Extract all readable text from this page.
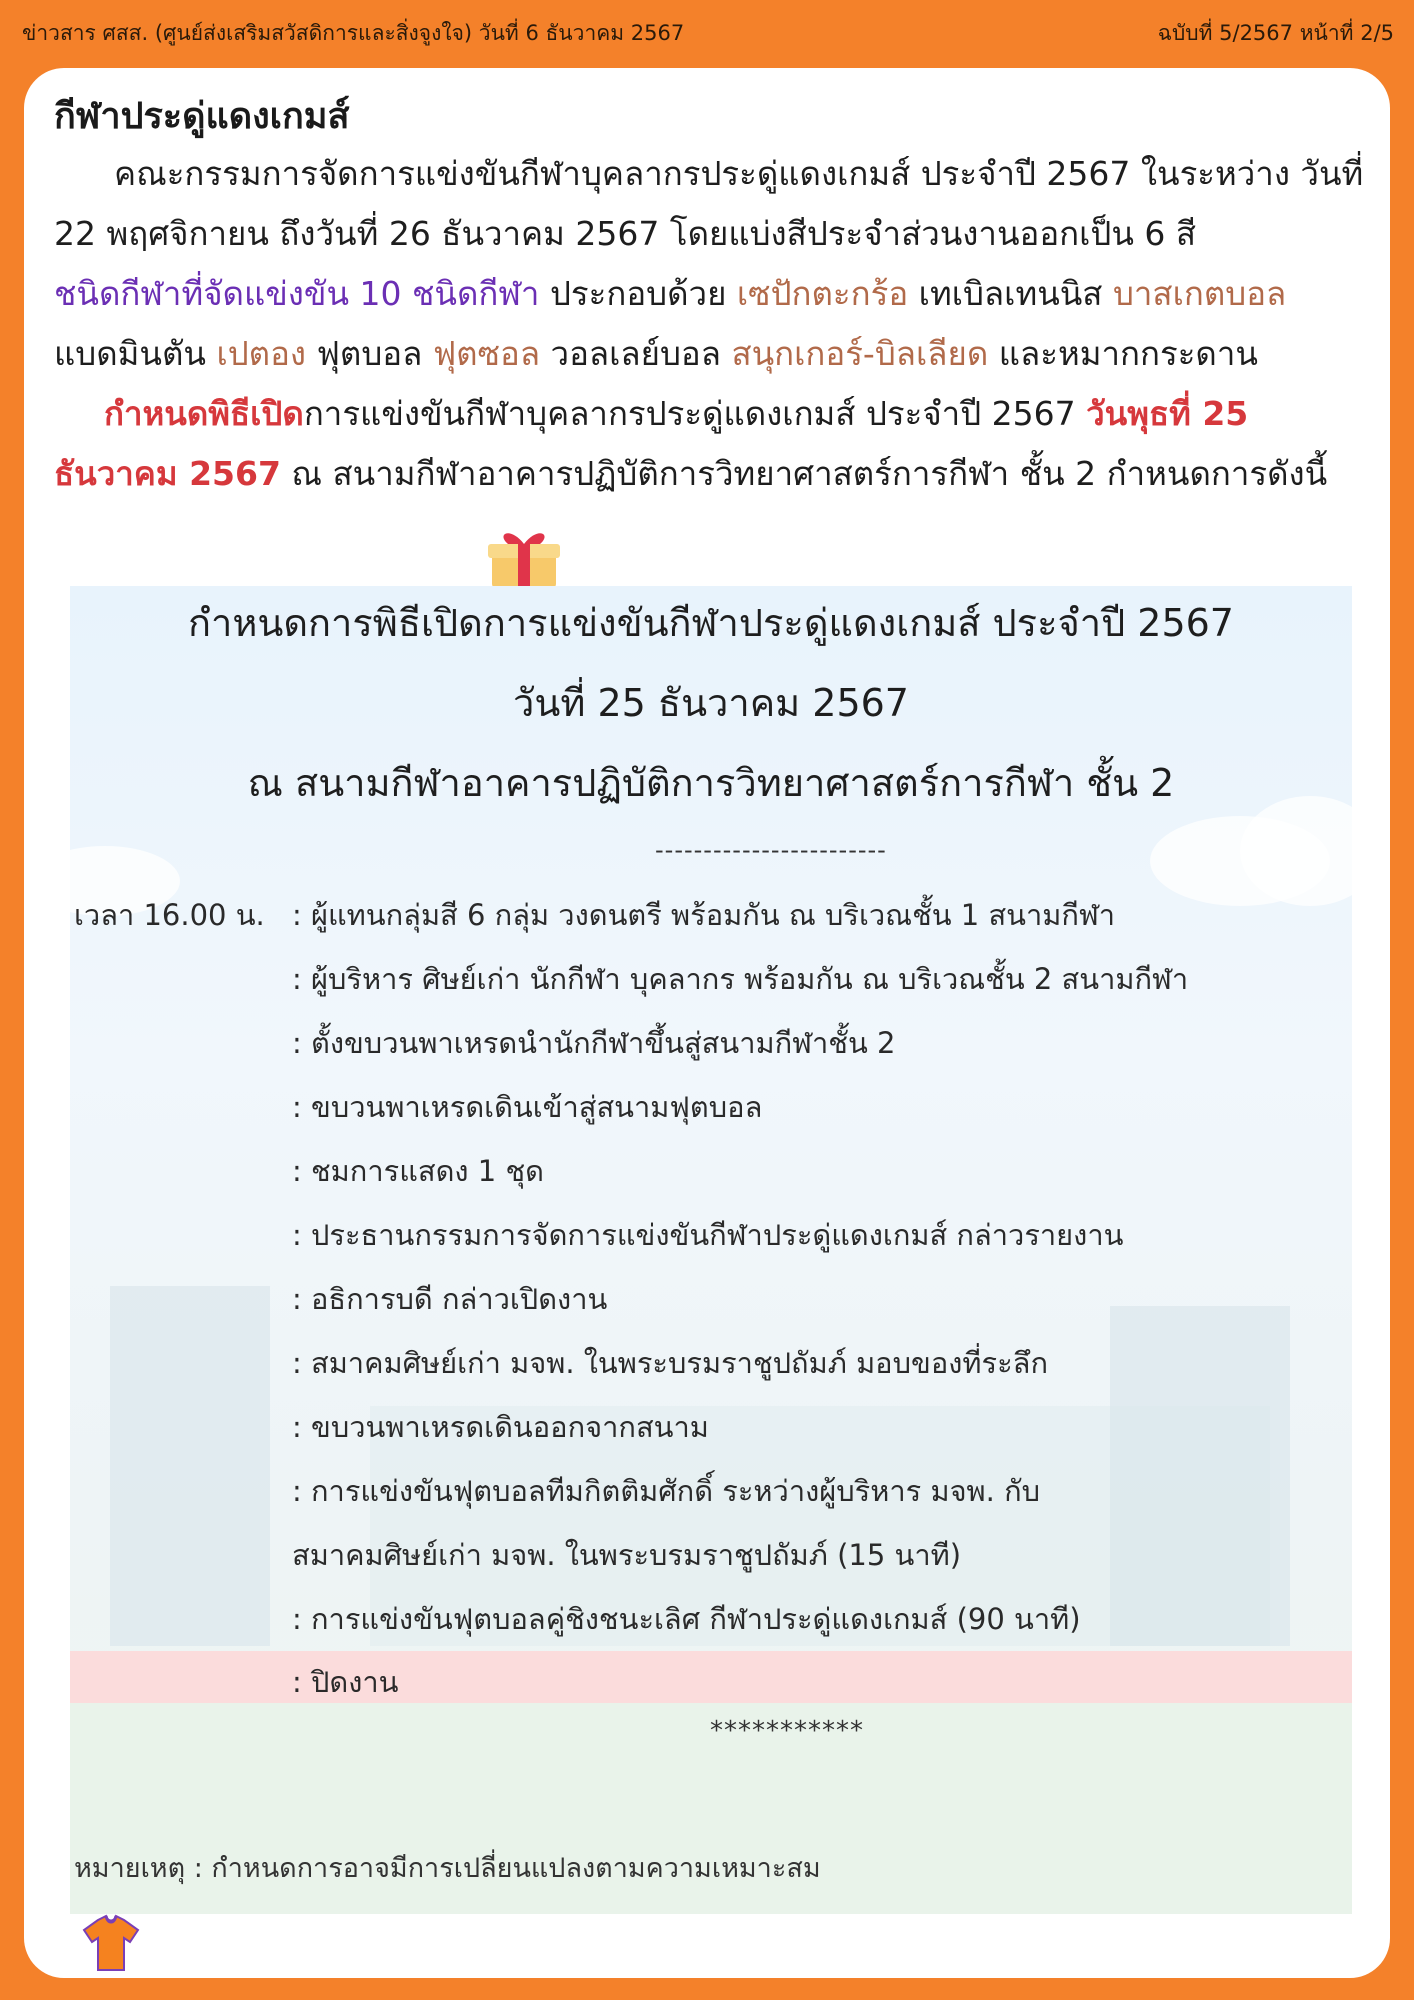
ข่าวสาร ศสส. (ศูนย์ส่งเสริมสวัสดิการและสิ่งจูงใจ) วันที่ 6 ธันวาคม 2567	ฉบับที่ 5/2567 หน้าที่ 2/5
กีฬาประดู่แดงเกมส์
คณะกรรมการจัดการแข่งขันกีฬาบุคลากรประดู่แดงเกมส์ ประจำปี 2567 ในระหว่าง วันที่ 22 พฤศจิกายน ถึงวันที่ 26 ธันวาคม 2567 โดยแบ่งสีประจำส่วนงานออกเป็น 6 สี
ชนิดกีฬาที่จัดแข่งขัน 10 ชนิดกีฬา ประกอบด้วย เซปักตะกร้อ เทเบิลเทนนิส บาสเกตบอล แบดมินตัน เปตอง ฟุตบอล ฟุตซอล วอลเลย์บอล สนุกเกอร์-บิลเลียด และหมากกระดาน
กำหนดพิธีเปิดการแข่งขันกีฬาบุคลากรประดู่แดงเกมส์ ประจำปี 2567 วันพุธที่ 25 ธันวาคม 2567 ณ สนามกีฬาอาคารปฏิบัติการวิทยาศาสตร์การกีฬา ชั้น 2 กำหนดการดังนี้
กำหนดการพิธีเปิดการแข่งขันกีฬาประดู่แดงเกมส์ ประจำปี 2567
วันที่ 25 ธันวาคม 2567
ณ สนามกีฬาอาคารปฏิบัติการวิทยาศาสตร์การกีฬา ชั้น 2
------------------------
เวลา 16.00 น. : ผู้แทนกลุ่มสี 6 กลุ่ม วงดนตรี พร้อมกัน ณ บริเวณชั้น 1 สนามกีฬา
: ผู้บริหาร ศิษย์เก่า นักกีฬา บุคลากร พร้อมกัน ณ บริเวณชั้น 2 สนามกีฬา
: ตั้งขบวนพาเหรดนำนักกีฬาขึ้นสู่สนามกีฬาชั้น 2
: ขบวนพาเหรดเดินเข้าสู่สนามฟุตบอล
: ชมการแสดง 1 ชุด
: ประธานกรรมการจัดการแข่งขันกีฬาประดู่แดงเกมส์ กล่าวรายงาน
: อธิการบดี กล่าวเปิดงาน
: สมาคมศิษย์เก่า มจพ. ในพระบรมราชูปถัมภ์ มอบของที่ระลึก
: ขบวนพาเหรดเดินออกจากสนาม
: การแข่งขันฟุตบอลทีมกิตติมศักดิ์ ระหว่างผู้บริหาร มจพ. กับ
สมาคมศิษย์เก่า มจพ. ในพระบรมราชูปถัมภ์ (15 นาที)
: การแข่งขันฟุตบอลคู่ชิงชนะเลิศ กีฬาประดู่แดงเกมส์ (90 นาที)
: ปิดงาน
***********
หมายเหตุ : กำหนดการอาจมีการเปลี่ยนแปลงตามความเหมาะสม
